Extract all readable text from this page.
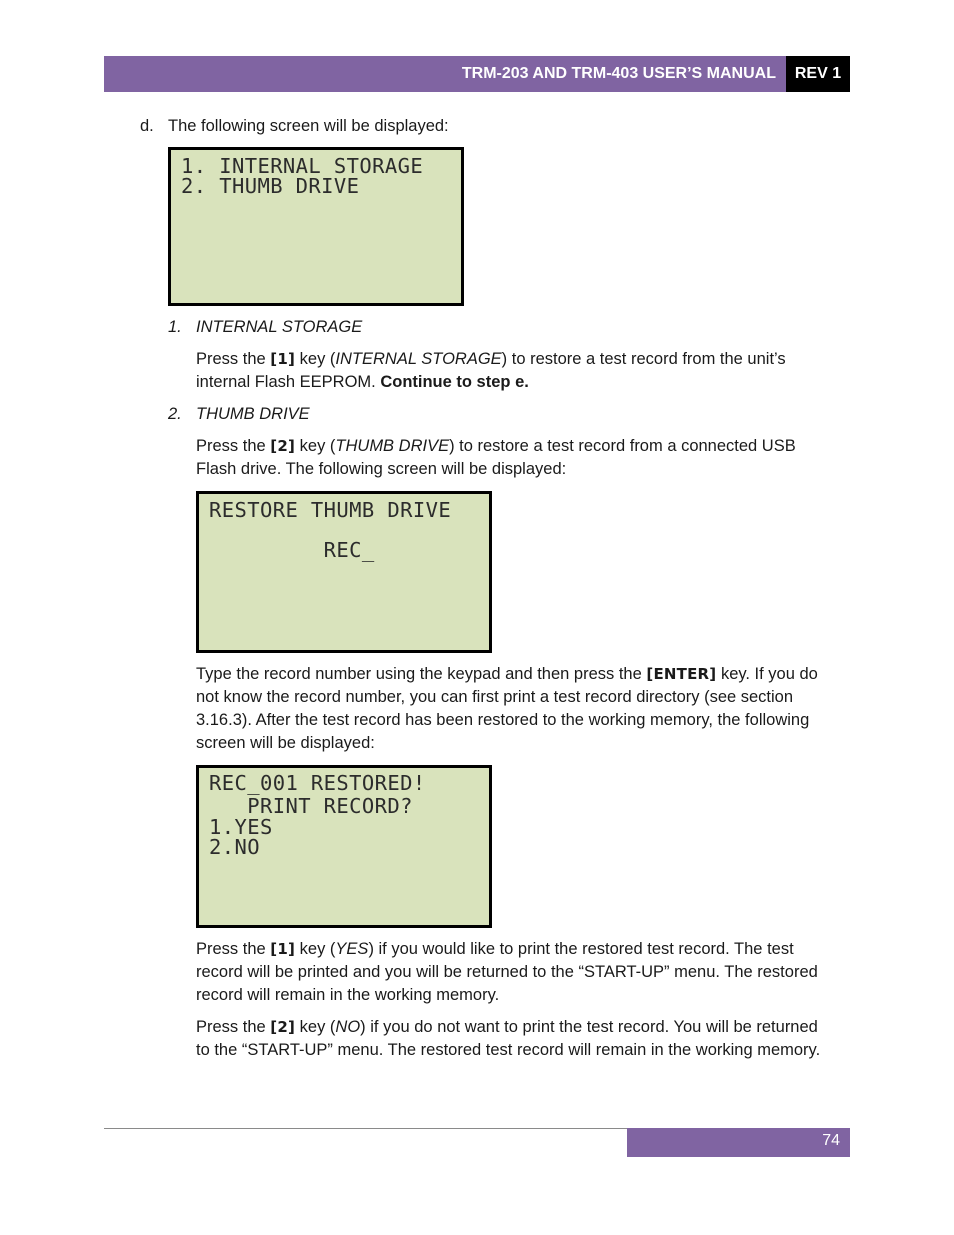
TRM-203 AND TRM-403 USER’S MANUAL	REV 1
d. The following screen will be displayed:
1. INTERNAL STORAGE
2. THUMB DRIVE
1. INTERNAL STORAGE
Press the [1] key (INTERNAL STORAGE) to restore a test record from the unit’s internal Flash EEPROM. Continue to step e.
2. THUMB DRIVE
Press the [2] key (THUMB DRIVE) to restore a test record from a connected USB Flash drive. The following screen will be displayed:
RESTORE THUMB DRIVE
REC_
Type the record number using the keypad and then press the [ENTER] key. If you do not know the record number, you can first print a test record directory (see section 3.16.3). After the test record has been restored to the working memory, the following screen will be displayed:
REC_001 RESTORED!
PRINT RECORD?
1.YES
2.NO
Press the [1] key (YES) if you would like to print the restored test record. The test record will be printed and you will be returned to the “START-UP” menu. The restored record will remain in the working memory.
Press the [2] key (NO) if you do not want to print the test record. You will be returned to the “START-UP” menu. The restored test record will remain in the working memory.
74
